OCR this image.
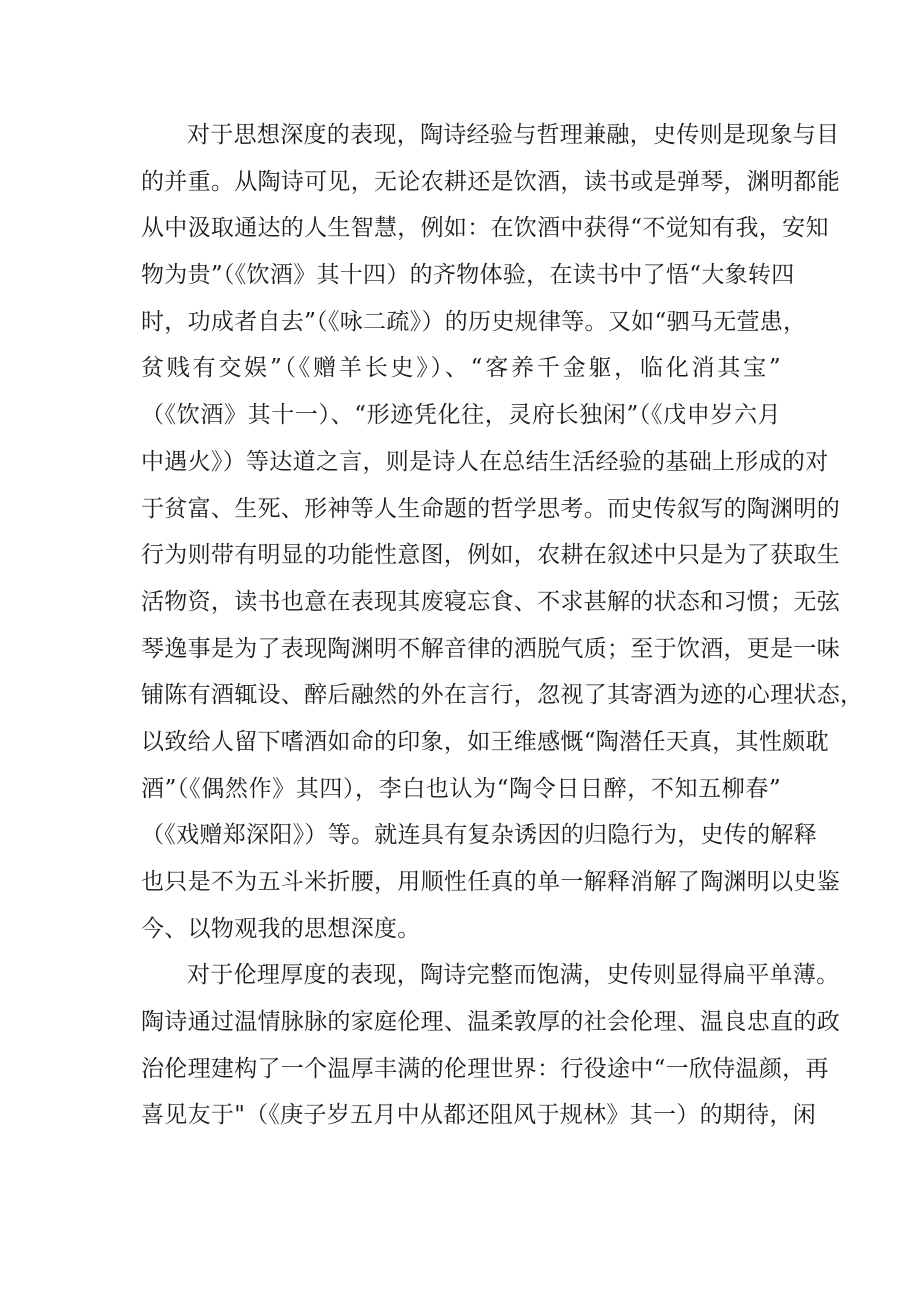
对于思想深度的表现，陶诗经验与哲理兼融，史传则是现象与目
的并重。从陶诗可见，无论农耕还是饮酒，读书或是弹琴，渊明都能
从中汲取通达的人生智慧，例如：在饮酒中获得“不觉知有我，安知
物为贵”（《饮酒》其十四）的齐物体验，在读书中了悟“大象转四
时，功成者自去”（《咏二疏》）的历史规律等。又如“驷马无萱患，
贫贱有交娱”（《赠羊长史》）、“客养千金躯，临化消其宝”
（《饮酒》其十一）、“形迹凭化往，灵府长独闲”（《戊申岁六月
中遇火》）等达道之言，则是诗人在总结生活经验的基础上形成的对
于贫富、生死、形神等人生命题的哲学思考。而史传叙写的陶渊明的
行为则带有明显的功能性意图，例如，农耕在叙述中只是为了获取生
活物资，读书也意在表现其废寝忘食、不求甚解的状态和习惯；无弦
琴逸事是为了表现陶渊明不解音律的洒脱气质；至于饮酒，更是一味
铺陈有酒辄设、醉后融然的外在言行，忽视了其寄酒为迹的心理状态，
以致给人留下嗜酒如命的印象，如王维感慨“陶潜任天真，其性颇耽
酒”（《偶然作》其四），李白也认为“陶令日日醉，不知五柳春”
（《戏赠郑深阳》）等。就连具有复杂诱因的归隐行为，史传的解释
也只是不为五斗米折腰，用顺性任真的单一解释消解了陶渊明以史鉴
今、以物观我的思想深度。
对于伦理厚度的表现，陶诗完整而饱满，史传则显得扁平单薄。
陶诗通过温情脉脉的家庭伦理、温柔敦厚的社会伦理、温良忠直的政
治伦理建构了一个温厚丰满的伦理世界：行役途中“一欣侍温颜，再
喜见友于"（《庚子岁五月中从都还阻风于规林》其一）的期待，闲
